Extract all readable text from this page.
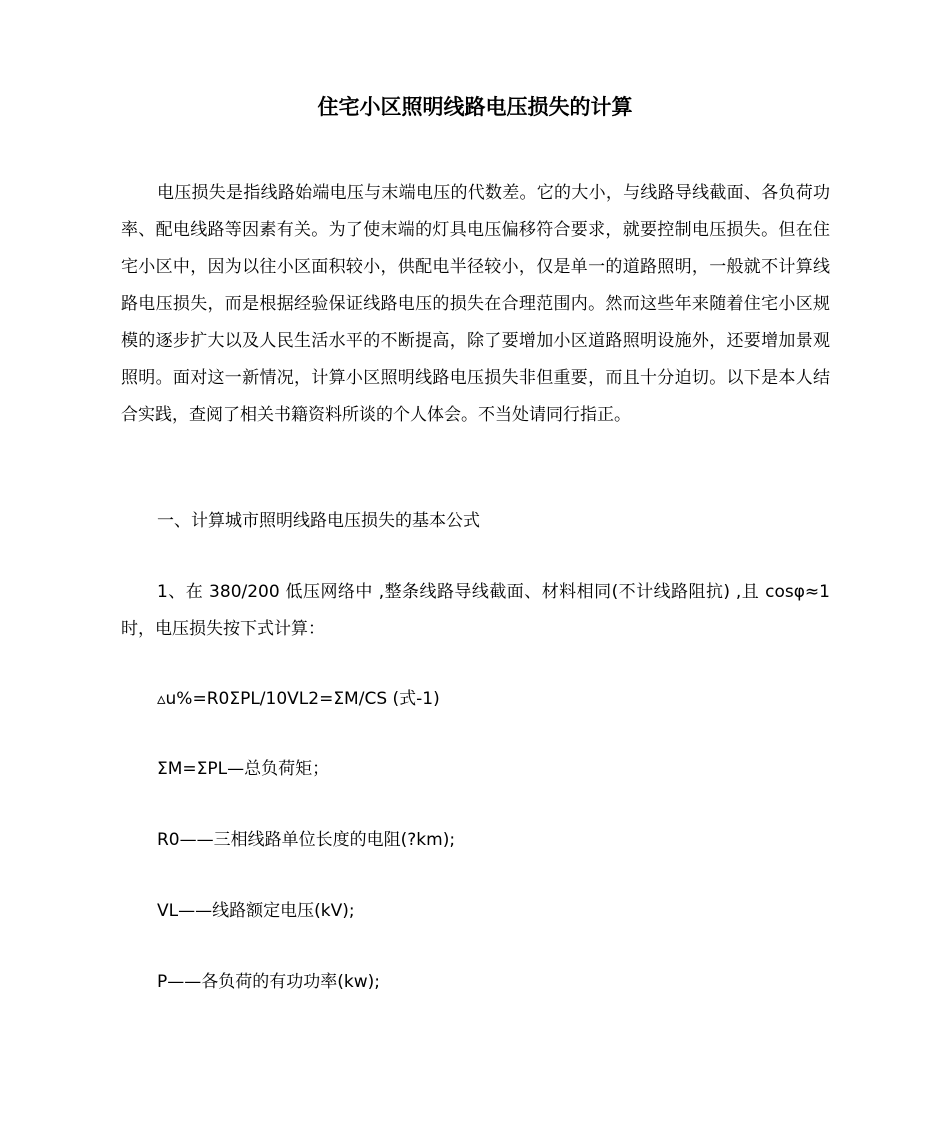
住宅小区照明线路电压损失的计算

电压损失是指线路始端电压与末端电压的代数差。它的大小，与线路导线截面、各负荷功率、配电线路等因素有关。为了使末端的灯具电压偏移符合要求，就要控制电压损失。但在住宅小区中，因为以往小区面积较小，供配电半径较小，仅是单一的道路照明，一般就不计算线路电压损失，而是根据经验保证线路电压的损失在合理范围内。然而这些年来随着住宅小区规模的逐步扩大以及人民生活水平的不断提高，除了要增加小区道路照明设施外，还要增加景观照明。面对这一新情况，计算小区照明线路电压损失非但重要，而且十分迫切。以下是本人结合实践，查阅了相关书籍资料所谈的个人体会。不当处请同行指正。

一、计算城市照明线路电压损失的基本公式

1、在 380/200 低压网络中 ,整条线路导线截面、材料相同(不计线路阻抗) ,且 cosφ≈1 时，电压损失按下式计算：

▵u%=R0ΣPL/10VL2=ΣM/CS (式-1)

ΣM=ΣPL—总负荷矩；

R0——三相线路单位长度的电阻(?km);

VL——线路额定电压(kV);

P——各负荷的有功功率(kw);
